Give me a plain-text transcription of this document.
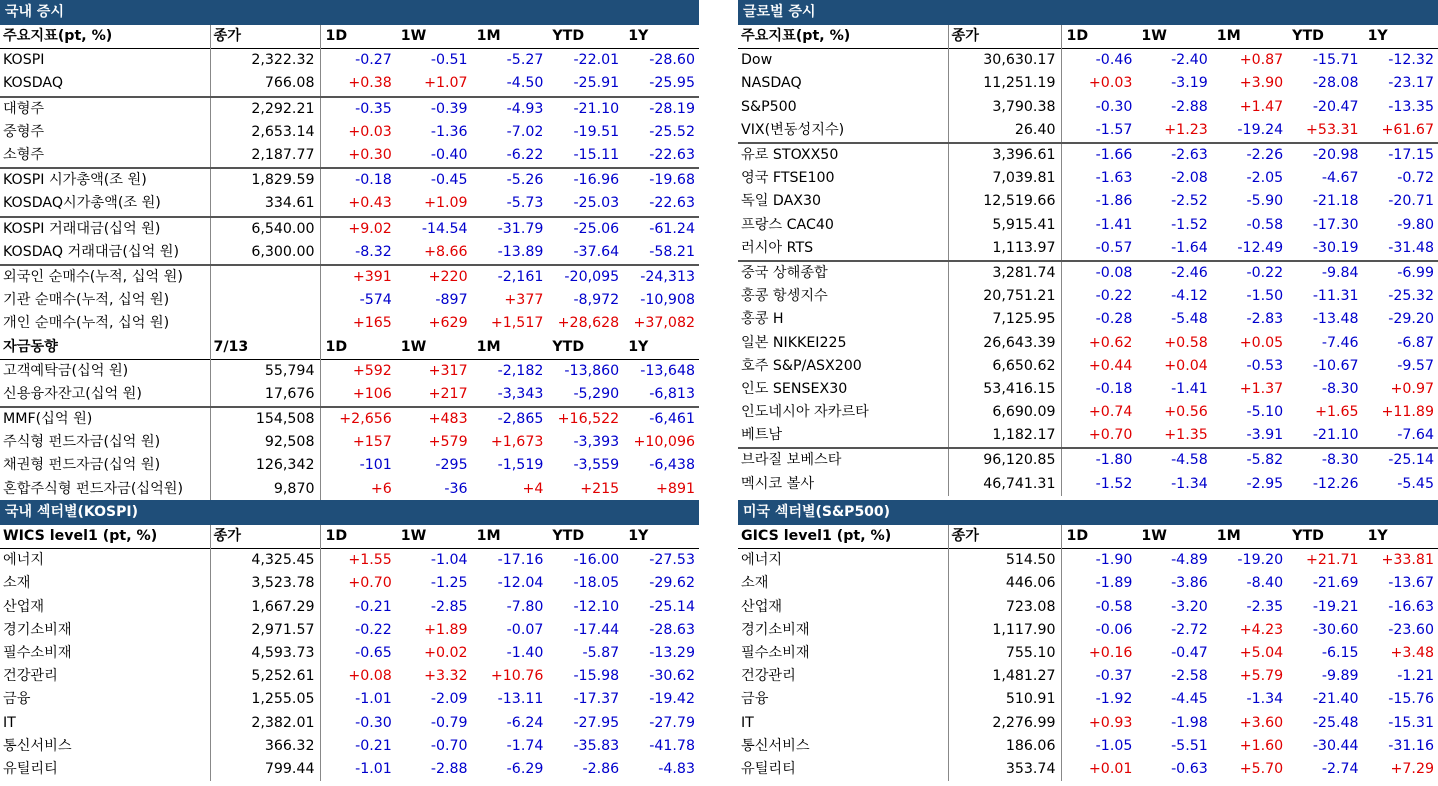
국내 증시
주요지표(pt, %)	종가	1D	1W	1M	YTD	1Y
KOSPI	2,322.32	-0.27	-0.51	-5.27	-22.01	-28.60
KOSDAQ	766.08	+0.38	+1.07	-4.50	-25.91	-25.95
대형주	2,292.21	-0.35	-0.39	-4.93	-21.10	-28.19
중형주	2,653.14	+0.03	-1.36	-7.02	-19.51	-25.52
소형주	2,187.77	+0.30	-0.40	-6.22	-15.11	-22.63
KOSPI 시가총액(조 원)	1,829.59	-0.18	-0.45	-5.26	-16.96	-19.68
KOSDAQ시가총액(조 원)	334.61	+0.43	+1.09	-5.73	-25.03	-22.63
KOSPI 거래대금(십억 원)	6,540.00	+9.02	-14.54	-31.79	-25.06	-61.24
KOSDAQ 거래대금(십억 원)	6,300.00	-8.32	+8.66	-13.89	-37.64	-58.21
외국인 순매수(누적, 십억 원)		+391	+220	-2,161	-20,095	-24,313
기관 순매수(누적, 십억 원)		-574	-897	+377	-8,972	-10,908
개인 순매수(누적, 십억 원)		+165	+629	+1,517	+28,628	+37,082
자금동향	7/13	1D	1W	1M	YTD	1Y
고객예탁금(십억 원)	55,794	+592	+317	-2,182	-13,860	-13,648
신용융자잔고(십억 원)	17,676	+106	+217	-3,343	-5,290	-6,813
MMF(십억 원)	154,508	+2,656	+483	-2,865	+16,522	-6,461
주식형 펀드자금(십억 원)	92,508	+157	+579	+1,673	-3,393	+10,096
채권형 펀드자금(십억 원)	126,342	-101	-295	-1,519	-3,559	-6,438
혼합주식형 펀드자금(십억원)	9,870	+6	-36	+4	+215	+891
글로벌 증시
주요지표(pt, %)	종가	1D	1W	1M	YTD	1Y
Dow	30,630.17	-0.46	-2.40	+0.87	-15.71	-12.32
NASDAQ	11,251.19	+0.03	-3.19	+3.90	-28.08	-23.17
S&P500	3,790.38	-0.30	-2.88	+1.47	-20.47	-13.35
VIX(변동성지수)	26.40	-1.57	+1.23	-19.24	+53.31	+61.67
유로 STOXX50	3,396.61	-1.66	-2.63	-2.26	-20.98	-17.15
영국 FTSE100	7,039.81	-1.63	-2.08	-2.05	-4.67	-0.72
독일 DAX30	12,519.66	-1.86	-2.52	-5.90	-21.18	-20.71
프랑스 CAC40	5,915.41	-1.41	-1.52	-0.58	-17.30	-9.80
러시아 RTS	1,113.97	-0.57	-1.64	-12.49	-30.19	-31.48
중국 상해종합	3,281.74	-0.08	-2.46	-0.22	-9.84	-6.99
홍콩 항셍지수	20,751.21	-0.22	-4.12	-1.50	-11.31	-25.32
홍콩 H	7,125.95	-0.28	-5.48	-2.83	-13.48	-29.20
일본 NIKKEI225	26,643.39	+0.62	+0.58	+0.05	-7.46	-6.87
호주 S&P/ASX200	6,650.62	+0.44	+0.04	-0.53	-10.67	-9.57
인도 SENSEX30	53,416.15	-0.18	-1.41	+1.37	-8.30	+0.97
인도네시아 자카르타	6,690.09	+0.74	+0.56	-5.10	+1.65	+11.89
베트남	1,182.17	+0.70	+1.35	-3.91	-21.10	-7.64
브라질 보베스타	96,120.85	-1.80	-4.58	-5.82	-8.30	-25.14
멕시코 볼사	46,741.31	-1.52	-1.34	-2.95	-12.26	-5.45
국내 섹터별(KOSPI)
WICS level1 (pt, %)	종가	1D	1W	1M	YTD	1Y
에너지	4,325.45	+1.55	-1.04	-17.16	-16.00	-27.53
소재	3,523.78	+0.70	-1.25	-12.04	-18.05	-29.62
산업재	1,667.29	-0.21	-2.85	-7.80	-12.10	-25.14
경기소비재	2,971.57	-0.22	+1.89	-0.07	-17.44	-28.63
필수소비재	4,593.73	-0.65	+0.02	-1.40	-5.87	-13.29
건강관리	5,252.61	+0.08	+3.32	+10.76	-15.98	-30.62
금융	1,255.05	-1.01	-2.09	-13.11	-17.37	-19.42
IT	2,382.01	-0.30	-0.79	-6.24	-27.95	-27.79
통신서비스	366.32	-0.21	-0.70	-1.74	-35.83	-41.78
유틸리티	799.44	-1.01	-2.88	-6.29	-2.86	-4.83
미국 섹터별(S&P500)
GICS level1 (pt, %)	종가	1D	1W	1M	YTD	1Y
에너지	514.50	-1.90	-4.89	-19.20	+21.71	+33.81
소재	446.06	-1.89	-3.86	-8.40	-21.69	-13.67
산업재	723.08	-0.58	-3.20	-2.35	-19.21	-16.63
경기소비재	1,117.90	-0.06	-2.72	+4.23	-30.60	-23.60
필수소비재	755.10	+0.16	-0.47	+5.04	-6.15	+3.48
건강관리	1,481.27	-0.37	-2.58	+5.79	-9.89	-1.21
금융	510.91	-1.92	-4.45	-1.34	-21.40	-15.76
IT	2,276.99	+0.93	-1.98	+3.60	-25.48	-15.31
통신서비스	186.06	-1.05	-5.51	+1.60	-30.44	-31.16
유틸리티	353.74	+0.01	-0.63	+5.70	-2.74	+7.29
